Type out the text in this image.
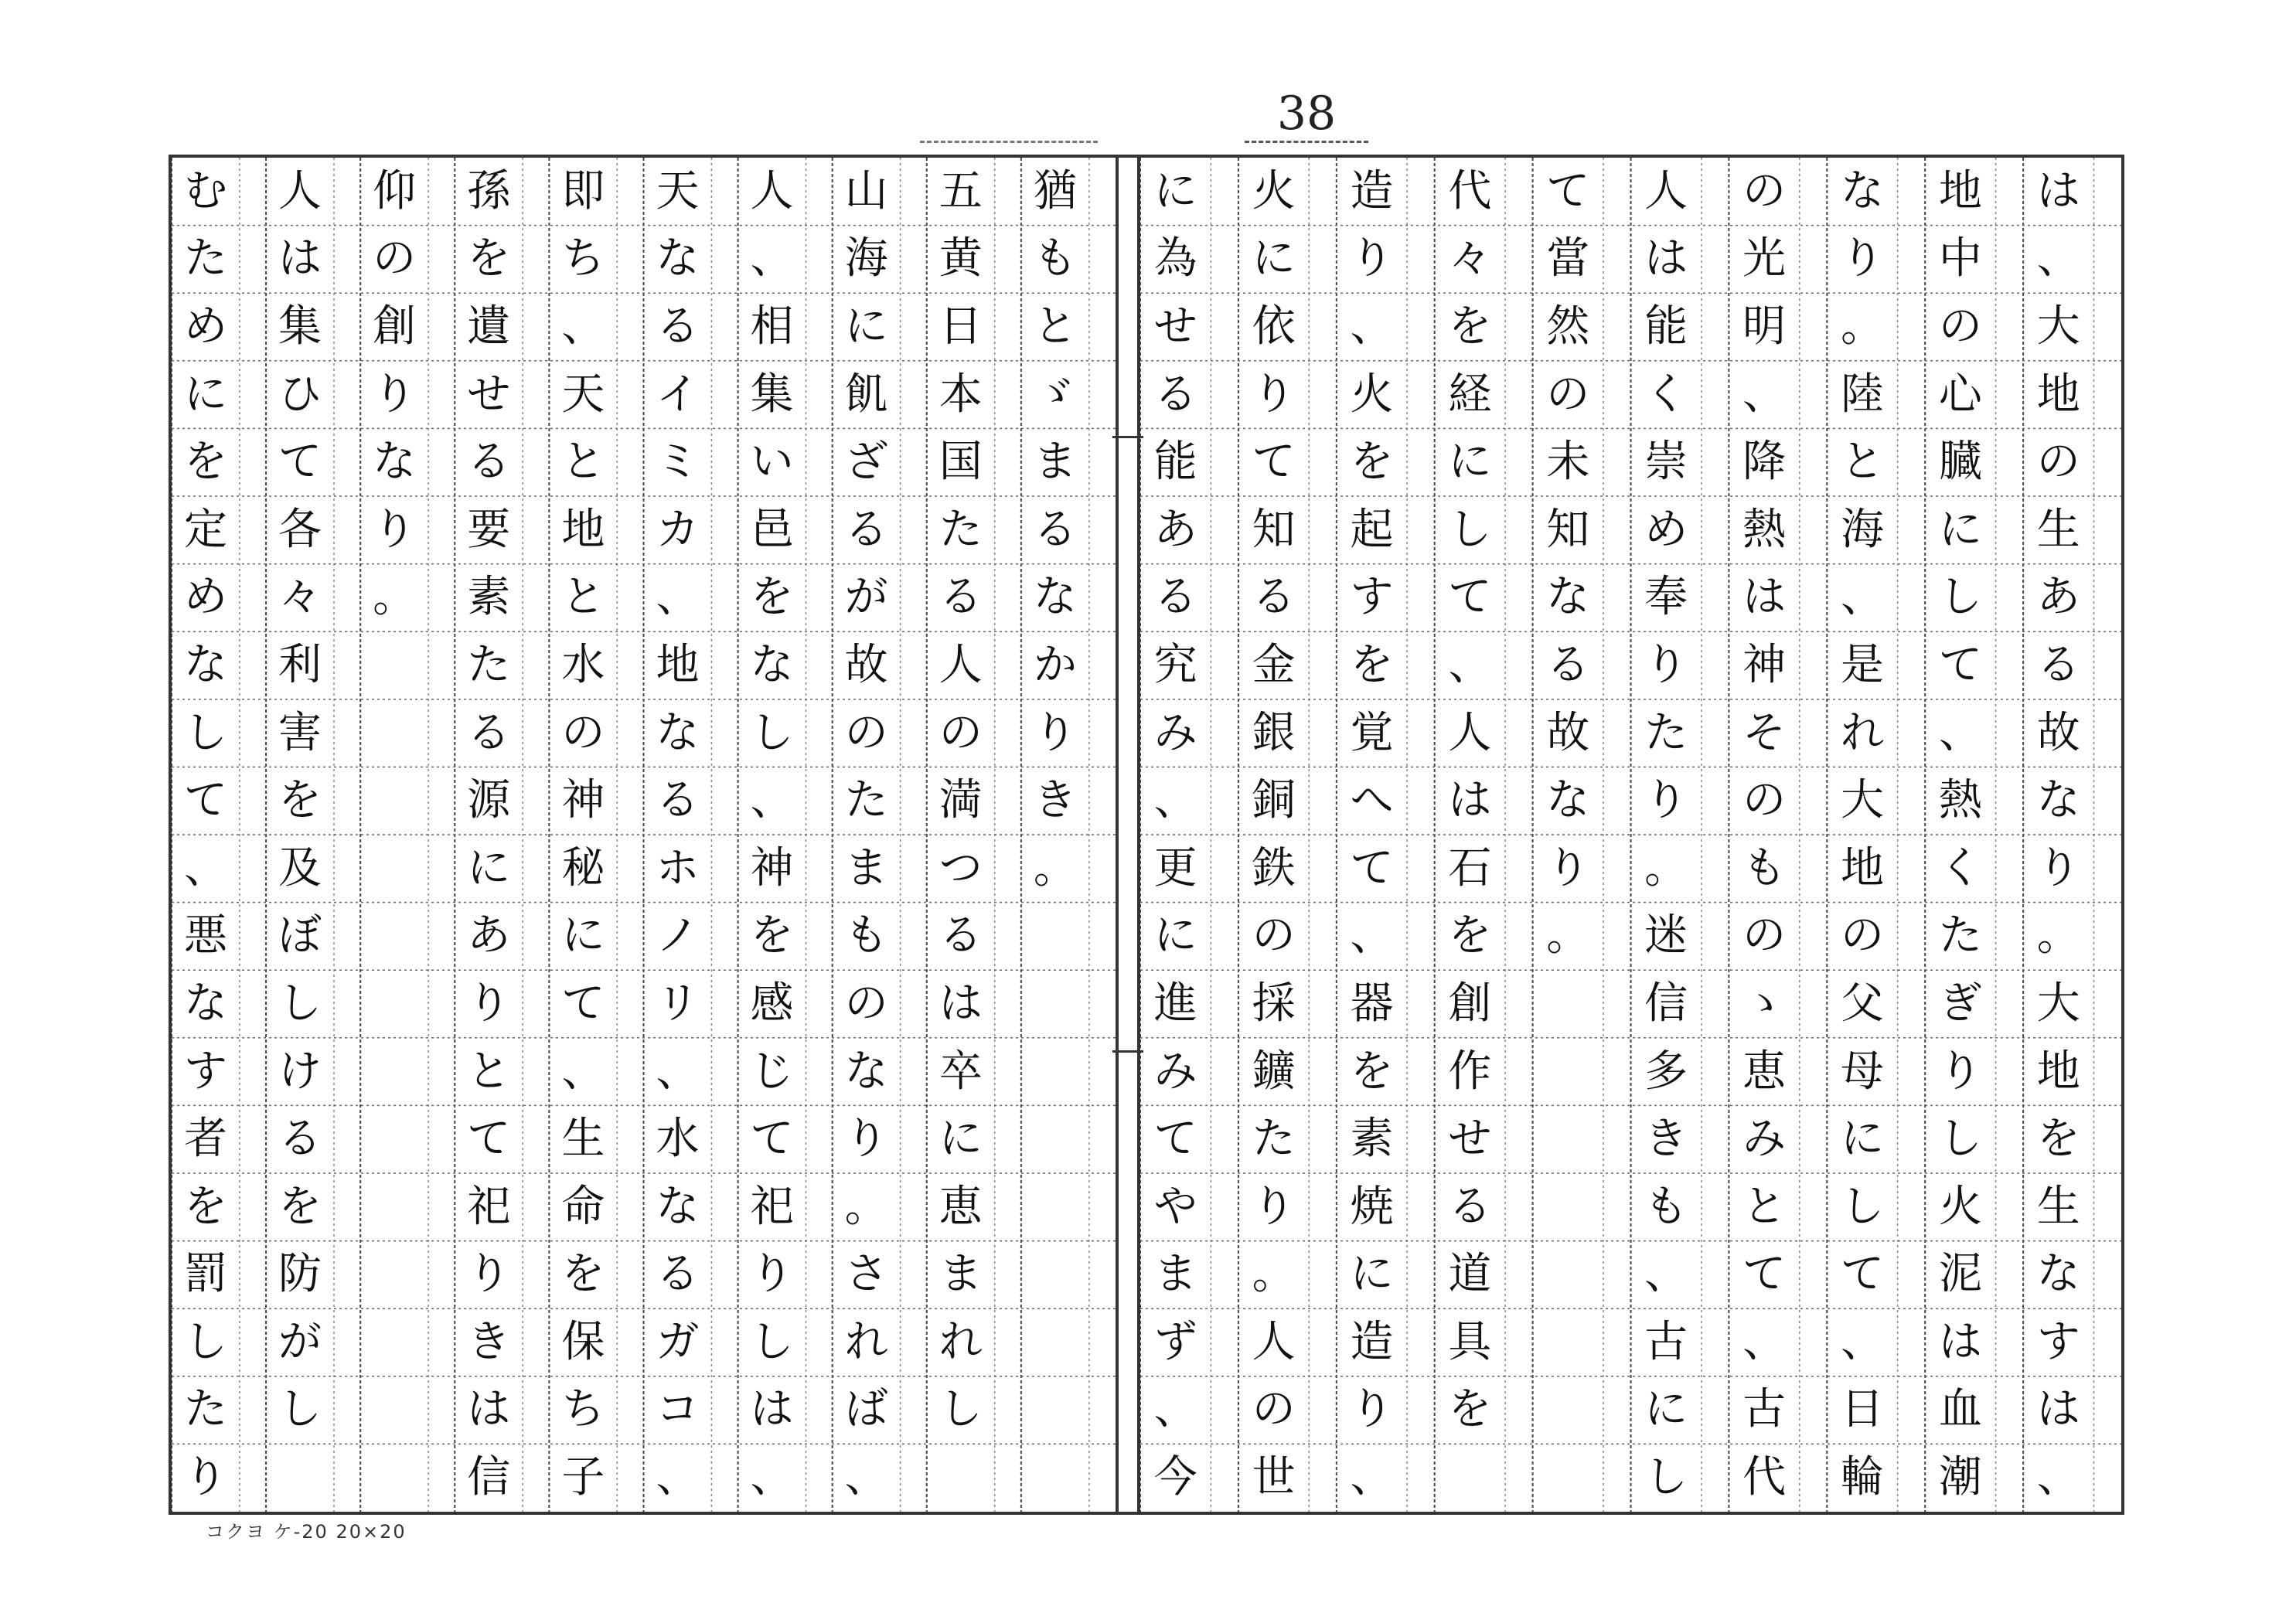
38
は
、
大
地
の
生
あ
る
故
な
り
。
大
地
を
生
な
す
は
、
地
中
の
心
臓
に
し
て
、
熱
く
た
ぎ
り
し
火
泥
は
血
潮
な
り
。
陸
と
海
、
是
れ
大
地
の
父
母
に
し
て
、
日
輪
の
光
明
、
降
熱
は
神
そ
の
も
の
ゝ
恵
み
と
て
、
古
代
人
は
能
く
崇
め
奉
り
た
り
。
迷
信
多
き
も
、
古
に
し
て
當
然
の
未
知
な
る
故
な
り
。
代
々
を
経
に
し
て
、
人
は
石
を
創
作
せ
る
道
具
を
造
り
、
火
を
起
す
を
覚
へ
て
、
器
を
素
焼
に
造
り
、
火
に
依
り
て
知
る
金
銀
銅
鉄
の
採
鑛
た
り
。
人
の
世
に
為
せ
る
能
あ
る
究
み
、
更
に
進
み
て
や
ま
ず
、
今
猶
も
と
ゞ
ま
る
な
か
り
き
。
五
黄
日
本
国
た
る
人
の
満
つ
る
は
卒
に
恵
ま
れ
し
山
海
に
飢
ざ
る
が
故
の
た
ま
も
の
な
り
。
さ
れ
ば
、
人
、
相
集
い
邑
を
な
し
、
神
を
感
じ
て
祀
り
し
は
、
天
な
る
イ
ミ
カ
、
地
な
る
ホ
ノ
リ
、
水
な
る
ガ
コ
、
即
ち
、
天
と
地
と
水
の
神
秘
に
て
、
生
命
を
保
ち
子
孫
を
遺
せ
る
要
素
た
る
源
に
あ
り
と
て
祀
り
き
は
信
仰
の
創
り
な
り
。
人
は
集
ひ
て
各
々
利
害
を
及
ぼ
し
け
る
を
防
が
し
む
た
め
に
を
定
め
な
し
て
、
悪
な
す
者
を
罰
し
た
り
コクヨ ケ-20 20×20
